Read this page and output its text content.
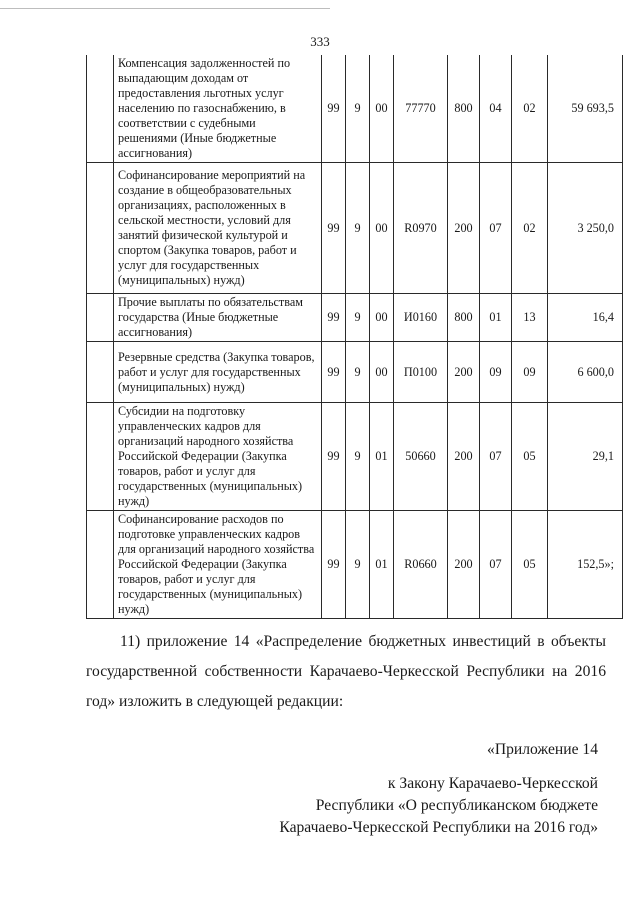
333
	Компенсация задолженностей по выпадающим доходам от предоставления льготных услуг населению по газоснабжению, в соответствии с судебными решениями (Иные бюджетные ассигнования)	99	9	00	77770	800	04	02	59 693,5
	Софинансирование мероприятий на создание в общеобразовательных организациях, расположенных в сельской местности, условий для занятий физической культурой и спортом (Закупка товаров, работ и услуг для государственных (муниципальных) нужд)	99	9	00	R0970	200	07	02	3 250,0
	Прочие выплаты по обязательствам государства (Иные бюджетные ассигнования)	99	9	00	И0160	800	01	13	16,4
	Резервные средства (Закупка товаров, работ и услуг для государственных (муниципальных) нужд)	99	9	00	П0100	200	09	09	6 600,0
	Субсидии на подготовку управленческих кадров для организаций народного хозяйства Российской Федерации (Закупка товаров, работ и услуг для государственных (муниципальных) нужд)	99	9	01	50660	200	07	05	29,1
	Софинансирование расходов по подготовке управленческих кадров для организаций народного хозяйства Российской Федерации (Закупка товаров, работ и услуг для государственных (муниципальных) нужд)	99	9	01	R0660	200	07	05	152,5»;
11) приложение 14 «Распределение бюджетных инвестиций в объекты государственной собственности Карачаево-Черкесской Республики на 2016 год» изложить в следующей редакции:
«Приложение 14
к Закону Карачаево-Черкесской
Республики «О республиканском бюджете
Карачаево-Черкесской Республики на 2016 год»
